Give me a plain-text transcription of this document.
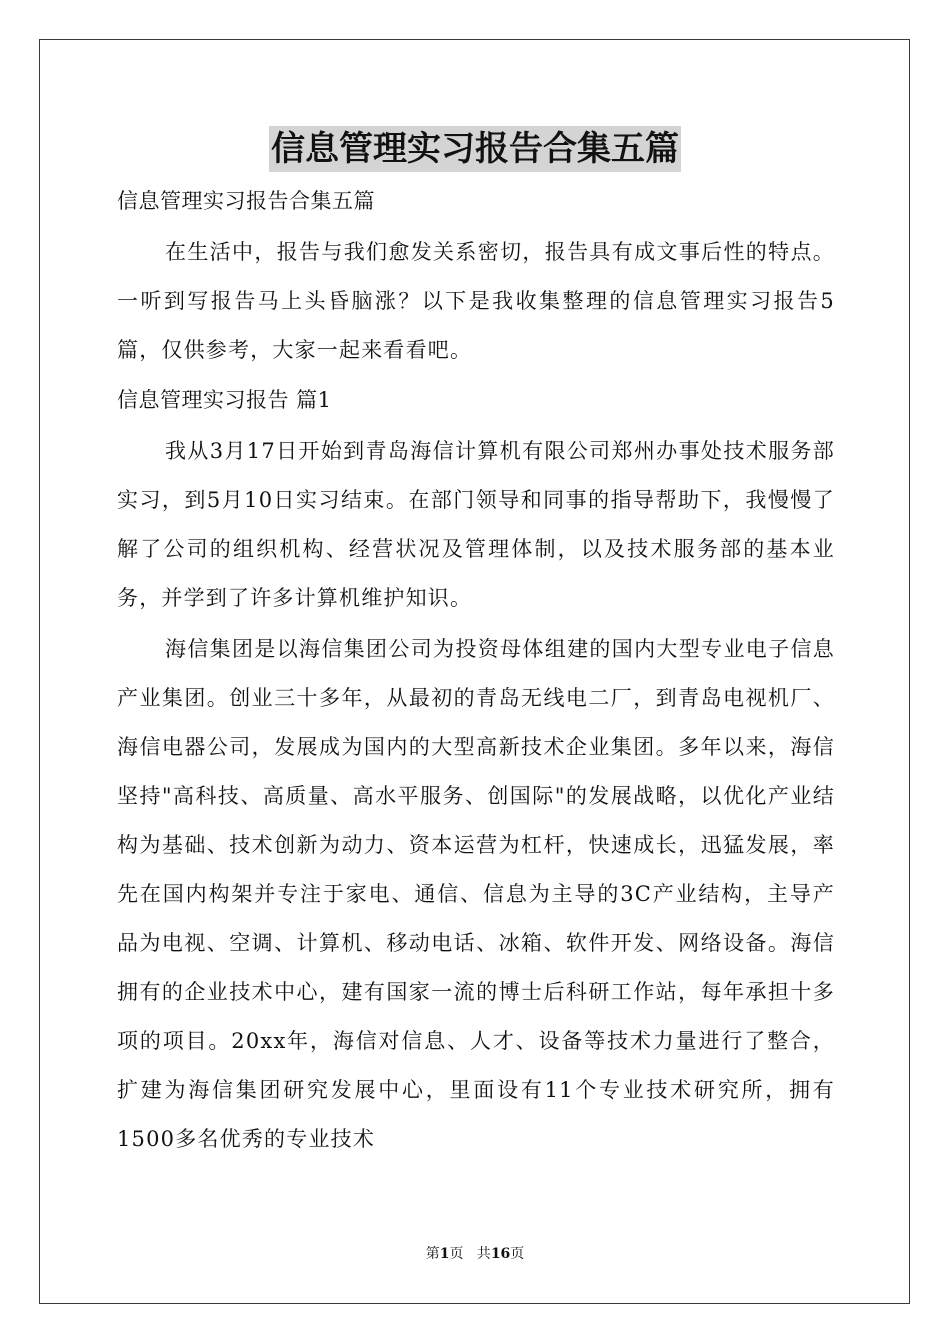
信息管理实习报告合集五篇
信息管理实习报告合集五篇

在生活中，报告与我们愈发关系密切，报告具有成文事后性的特点。一听到写报告马上头昏脑涨？以下是我收集整理的信息管理实习报告5篇，仅供参考，大家一起来看看吧。

信息管理实习报告 篇1

我从3月17日开始到青岛海信计算机有限公司郑州办事处技术服务部实习，到5月10日实习结束。在部门领导和同事的指导帮助下，我慢慢了解了公司的组织机构、经营状况及管理体制，以及技术服务部的基本业务，并学到了许多计算机维护知识。

海信集团是以海信集团公司为投资母体组建的国内大型专业电子信息产业集团。创业三十多年，从最初的青岛无线电二厂，到青岛电视机厂、海信电器公司，发展成为国内的大型高新技术企业集团。多年以来，海信坚持"高科技、高质量、高水平服务、创国际"的发展战略，以优化产业结构为基础、技术创新为动力、资本运营为杠杆，快速成长，迅猛发展，率先在国内构架并专注于家电、通信、信息为主导的3C产业结构，主导产品为电视、空调、计算机、移动电话、冰箱、软件开发、网络设备。海信拥有的企业技术中心，建有国家一流的博士后科研工作站，每年承担十多项的项目。20xx年，海信对信息、人才、设备等技术力量进行了整合，扩建为海信集团研究发展中心，里面设有11个专业技术研究所，拥有1500多名优秀的专业技术

第1页   共16页
